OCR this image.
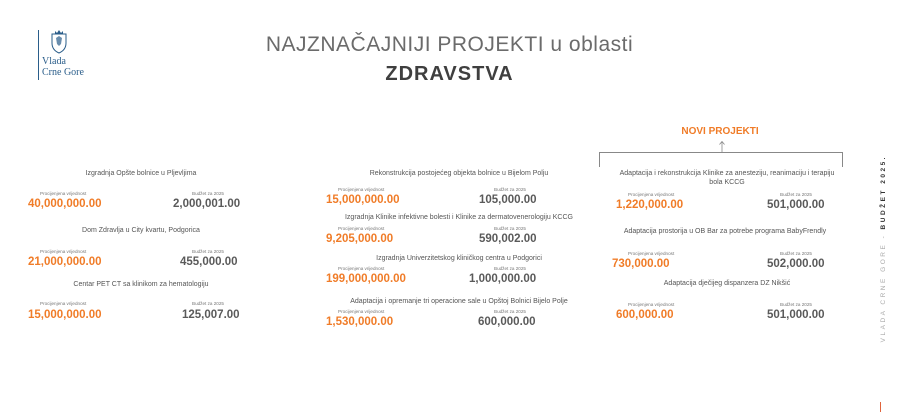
Vlada
Crne Gore
NAJZNAČAJNIJI PROJEKTI u oblasti
ZDRAVSTVA
NOVI PROJEKTI
Izgradnja Opšte bolnice u Pljevljima
Procijenjena vrijednost	Budžet za 2025
40,000,000.00	2,000,001.00
Dom Zdravlja u City kvartu, Podgorica
Procijenjena vrijednost	Budžet za 2025
21,000,000.00	455,000.00
Centar PET CT sa klinikom za hematologiju
Procijenjena vrijednost	Budžet za 2025
15,000,000.00	125,007.00
Rekonstrukcija postojećeg objekta bolnice u Bijelom Polju
Procijenjena vrijednost	Budžet za 2025
15,000,000.00	105,000.00
Izgradnja Klinike infektivne bolesti i Klinike za dermatovenerologiju KCCG
Procijenjena vrijednost	Budžet za 2025
9,205,000.00	590,002.00
Izgradnja Univerzitetskog kliničkog centra u Podgorici
Procijenjena vrijednost	Budžet za 2025
199,000,000.00	1,000,000.00
Adaptacija i opremanje tri operacione sale u Opštoj Bolnici Bijelo Polje
Procijenjena vrijednost	Budžet za 2025
1,530,000.00	600,000.00
Adaptacija i rekonstrukcija Klinike za anesteziju, reanimaciju i terapiju bola KCCG
Procijenjena vrijednost	Budžet za 2025
1,220,000.00	501,000.00
Adaptacija prostorija u OB Bar za potrebe programa BabyFrendly
Procijenjena vrijednost	Budžet za 2025
730,000.00	502,000.00
Adaptacija dječijeg dispanzera DZ Nikšić
Procijenjena vrijednost	Budžet za 2025
600,000.00	501,000.00	VLADA CRNE GORE - BUDŽET 2025.
